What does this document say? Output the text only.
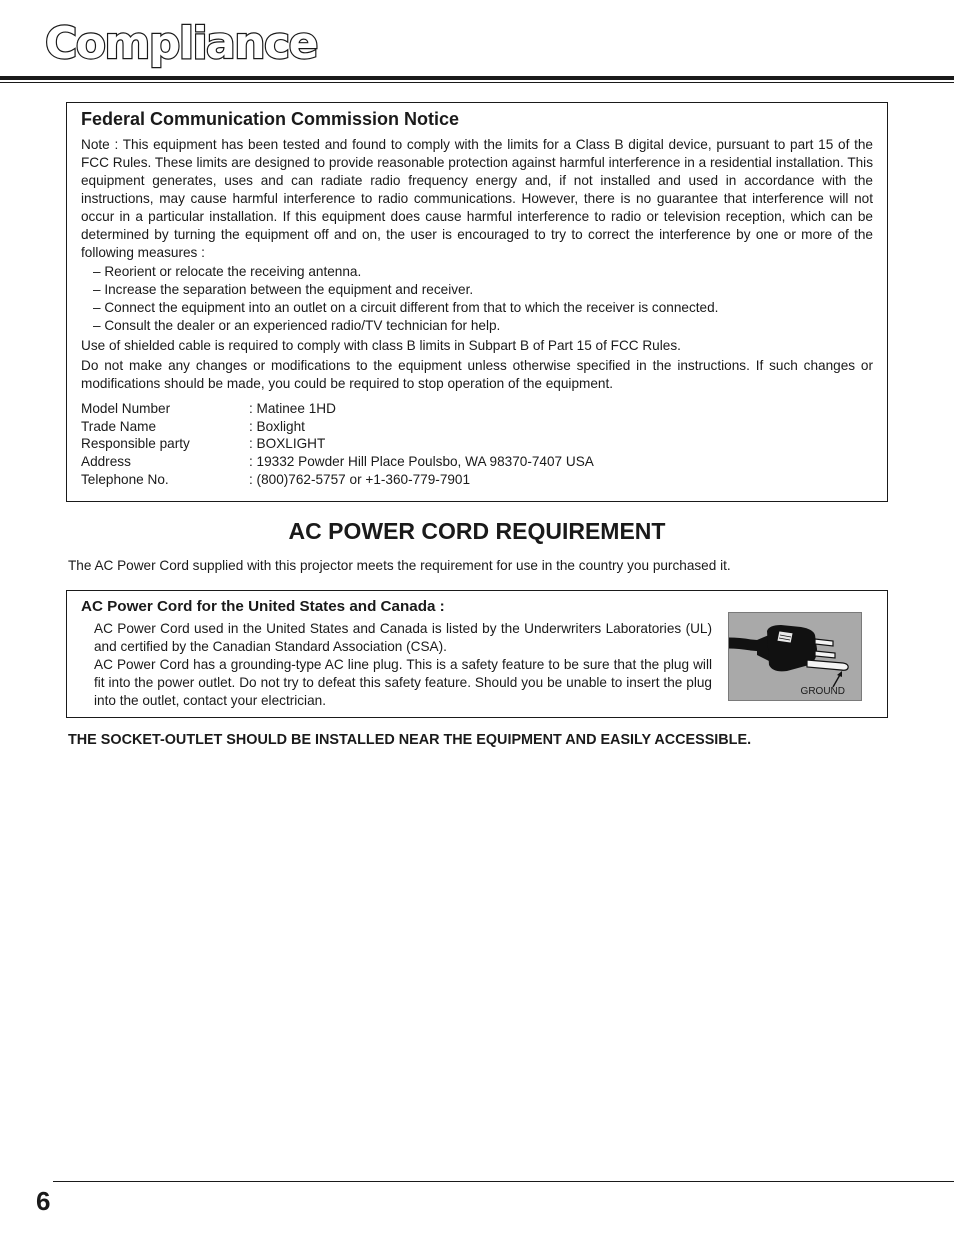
Compliance
Federal Communication Commission Notice
Note : This equipment has been tested and found to comply with the limits for a Class B digital device, pursuant to part 15 of the FCC Rules. These limits are designed to provide reasonable protection against harmful interference in a residential installation. This equipment generates, uses and can radiate radio frequency energy and, if not installed and used in accordance with the instructions, may cause harmful interference to radio communications. However, there is no guarantee that interference will not occur in a particular installation. If this equipment does cause harmful interference to radio or television reception, which can be determined by turning the equipment off and on, the user is encouraged to try to correct the interference by one or more of the following measures :
– Reorient or relocate the receiving antenna.
– Increase the separation between the equipment and receiver.
– Connect the equipment into an outlet on a circuit different from that to which the receiver is connected.
– Consult the dealer or an experienced radio/TV technician for help.
Use of shielded cable is required to comply with class B limits in Subpart B of Part 15 of FCC Rules.
Do not make any changes or modifications to the equipment unless otherwise specified in the instructions. If such changes or modifications should be made, you could be required to stop operation of the equipment.
Model Number	: Matinee 1HD
Trade Name	: Boxlight
Responsible party	: BOXLIGHT
Address	: 19332 Powder Hill Place Poulsbo, WA 98370-7407 USA
Telephone No.	: (800)762-5757 or +1-360-779-7901
AC POWER CORD REQUIREMENT
The AC Power Cord supplied with this projector meets the requirement for use in the country you purchased it.
AC Power Cord for the United States and Canada :
AC Power Cord used in the United States and Canada is listed by the Underwriters Laboratories (UL) and certified by the Canadian Standard Association (CSA).
AC Power Cord has a grounding-type AC line plug. This is a safety feature to be sure that the plug will fit into the power outlet. Do not try to defeat this safety feature. Should you be unable to insert the plug into the outlet, contact your electrician.
GROUND
THE SOCKET-OUTLET SHOULD BE INSTALLED NEAR THE EQUIPMENT AND EASILY ACCESSIBLE.
6
